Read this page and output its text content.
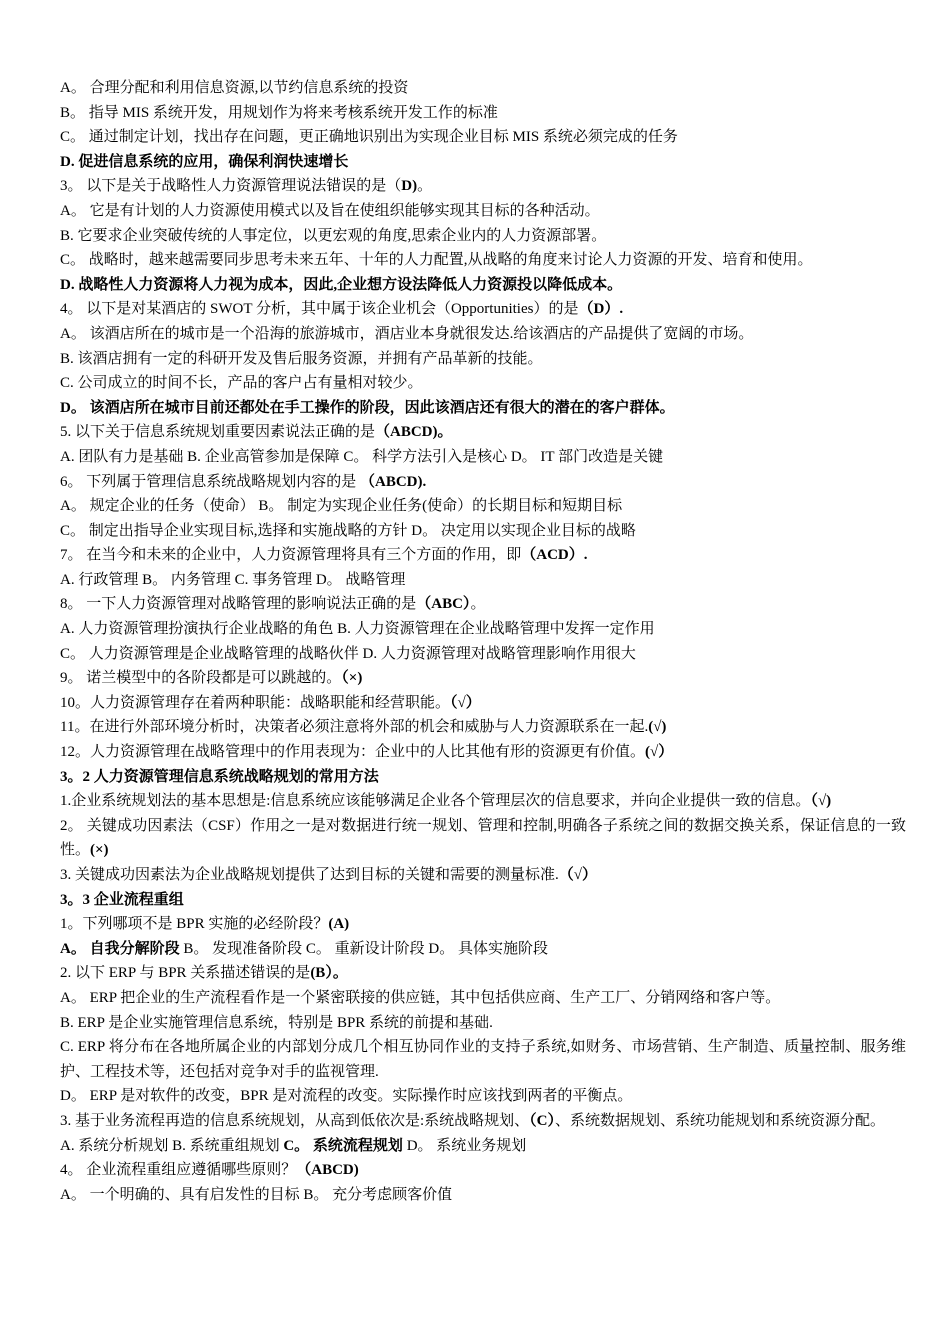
A。 合理分配和利用信息资源,以节约信息系统的投资
B。 指导 MIS 系统开发，用规划作为将来考核系统开发工作的标准
C。 通过制定计划，找出存在问题，更正确地识别出为实现企业目标 MIS 系统必须完成的任务
D. 促进信息系统的应用，确保利润快速增长
3。 以下是关于战略性人力资源管理说法错误的是（D)。
A。 它是有计划的人力资源使用模式以及旨在使组织能够实现其目标的各种活动。
B. 它要求企业突破传统的人事定位，以更宏观的角度,思索企业内的人力资源部署。
C。 战略时，越来越需要同步思考未来五年、十年的人力配置,从战略的角度来讨论人力资源的开发、培育和使用。
D. 战略性人力资源将人力视为成本，因此,企业想方设法降低人力资源投以降低成本。
4。 以下是对某酒店的 SWOT 分析，其中属于该企业机会（Opportunities）的是（D）.
A。 该酒店所在的城市是一个沿海的旅游城市，酒店业本身就很发达.给该酒店的产品提供了宽阔的市场。
B. 该酒店拥有一定的科研开发及售后服务资源，并拥有产品革新的技能。
C. 公司成立的时间不长，产品的客户占有量相对较少。
D。 该酒店所在城市目前还都处在手工操作的阶段，因此该酒店还有很大的潜在的客户群体。
5. 以下关于信息系统规划重要因素说法正确的是（ABCD)。
A. 团队有力是基础 B. 企业高管参加是保障 C。 科学方法引入是核心 D。 IT 部门改造是关键
6。 下列属于管理信息系统战略规划内容的是 （ABCD).
A。 规定企业的任务（使命） B。 制定为实现企业任务(使命）的长期目标和短期目标
C。 制定出指导企业实现目标,选择和实施战略的方针 D。 决定用以实现企业目标的战略
7。 在当今和未来的企业中，人力资源管理将具有三个方面的作用，即（ACD）.
A. 行政管理 B。 内务管理 C. 事务管理 D。 战略管理
8。 一下人力资源管理对战略管理的影响说法正确的是（ABC）。
A. 人力资源管理扮演执行企业战略的角色 B. 人力资源管理在企业战略管理中发挥一定作用
C。 人力资源管理是企业战略管理的战略伙伴 D. 人力资源管理对战略管理影响作用很大
9。 诺兰模型中的各阶段都是可以跳越的。（×)
10。人力资源管理存在着两种职能：战略职能和经营职能。（√）
11。在进行外部环境分析时，决策者必须注意将外部的机会和威胁与人力资源联系在一起.(√)
12。人力资源管理在战略管理中的作用表现为：企业中的人比其他有形的资源更有价值。(√）
3。2 人力资源管理信息系统战略规划的常用方法
1.企业系统规划法的基本思想是:信息系统应该能够满足企业各个管理层次的信息要求，并向企业提供一致的信息。（√)
2。 关键成功因素法（CSF）作用之一是对数据进行统一规划、管理和控制,明确各子系统之间的数据交换关系，保证信息的一致性。(×)
3. 关键成功因素法为企业战略规划提供了达到目标的关键和需要的测量标准.（√）
3。3 企业流程重组
1。下列哪项不是 BPR 实施的必经阶段？(A)
A。 自我分解阶段 B。 发现准备阶段 C。 重新设计阶段 D。 具体实施阶段
2. 以下 ERP 与 BPR 关系描述错误的是(B）。
A。 ERP 把企业的生产流程看作是一个紧密联接的供应链，其中包括供应商、生产工厂、分销网络和客户等。
B. ERP 是企业实施管理信息系统，特别是 BPR 系统的前提和基础.
C. ERP 将分布在各地所属企业的内部划分成几个相互协同作业的支持子系统,如财务、市场营销、生产制造、质量控制、服务维护、工程技术等，还包括对竞争对手的监视管理.
D。 ERP 是对软件的改变，BPR 是对流程的改变。实际操作时应该找到两者的平衡点。
3. 基于业务流程再造的信息系统规划，从高到低依次是:系统战略规划、（C）、系统数据规划、系统功能规划和系统资源分配。
A. 系统分析规划 B. 系统重组规划 C。 系统流程规划 D。 系统业务规划
4。 企业流程重组应遵循哪些原则？（ABCD)
A。 一个明确的、具有启发性的目标 B。 充分考虑顾客价值
